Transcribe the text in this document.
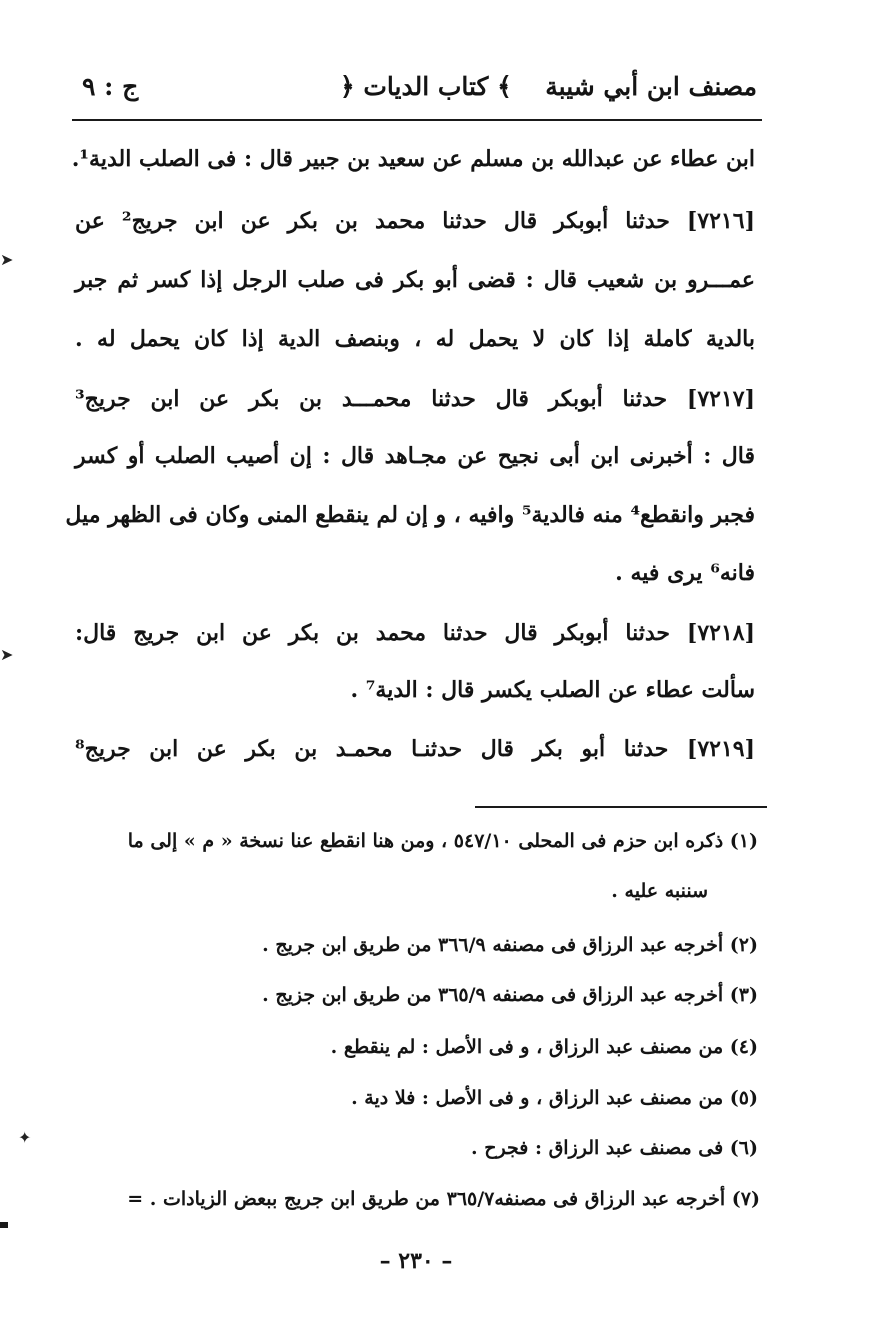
مصنف ابن أبي شيبة
﴿ كتاب الديات ﴾
ج : ٩
ابن عطاء عن عبدالله بن مسلم عن سعيد بن جبير قال : فى الصلب الدية¹.
[٧٢١٦] حدثنا أبوبكر قال حدثنا محمد بن بكر عن ابن جريج² عن
عمـــرو بن شعيب قال : قضى أبو بكر فى صلب الرجل إذا كسر ثم جبر
بالدية كاملة إذا كان لا يحمل له ، وبنصف الدية إذا كان يحمل له .
[٧٢١٧] حدثنا أبوبكر قال حدثنا محمـــد بن بكر عن ابن جريج³
قال : أخبرنى ابن أبى نجيح عن مجـاهد قال : إن أصيب الصلب أو كسر
فجبر وانقطع⁴ منه فالدية⁵ وافيه ، و إن لم ينقطع المنى وكان فى الظهر ميل
فانه⁶ يرى فيه .
[٧٢١٨] حدثنا أبوبكر قال حدثنا محمد بن بكر عن ابن جريج قال:
سألت عطاء عن الصلب يكسر قال : الدية⁷ .
[٧٢١٩] حدثنا أبو بكر قال حدثنـا محمـد بن بكر عن ابن جريج⁸
(١) ذكره ابن حزم فى المحلى ٥٤٧/١٠ ، ومن هنا انقطع عنا نسخة « م » إلى ما
سننبه عليه .
(٢) أخرجه عبد الرزاق فى مصنفه ٣٦٦/٩ من طريق ابن جريج .
(٣) أخرجه عبد الرزاق فى مصنفه ٣٦٥/٩ من طريق ابن جزيج .
(٤) من مصنف عبد الرزاق ، و فى الأصل : لم ينقطع .
(٥) من مصنف عبد الرزاق ، و فى الأصل : فلا دية .
(٦) فى مصنف عبد الرزاق : فجرح .
(٧) أخرجه عبد الرزاق فى مصنفه٣٦٥/٧ من طريق ابن جريج ببعض الزيادات . =
– ٢٣٠ –
➤
➤
✦
